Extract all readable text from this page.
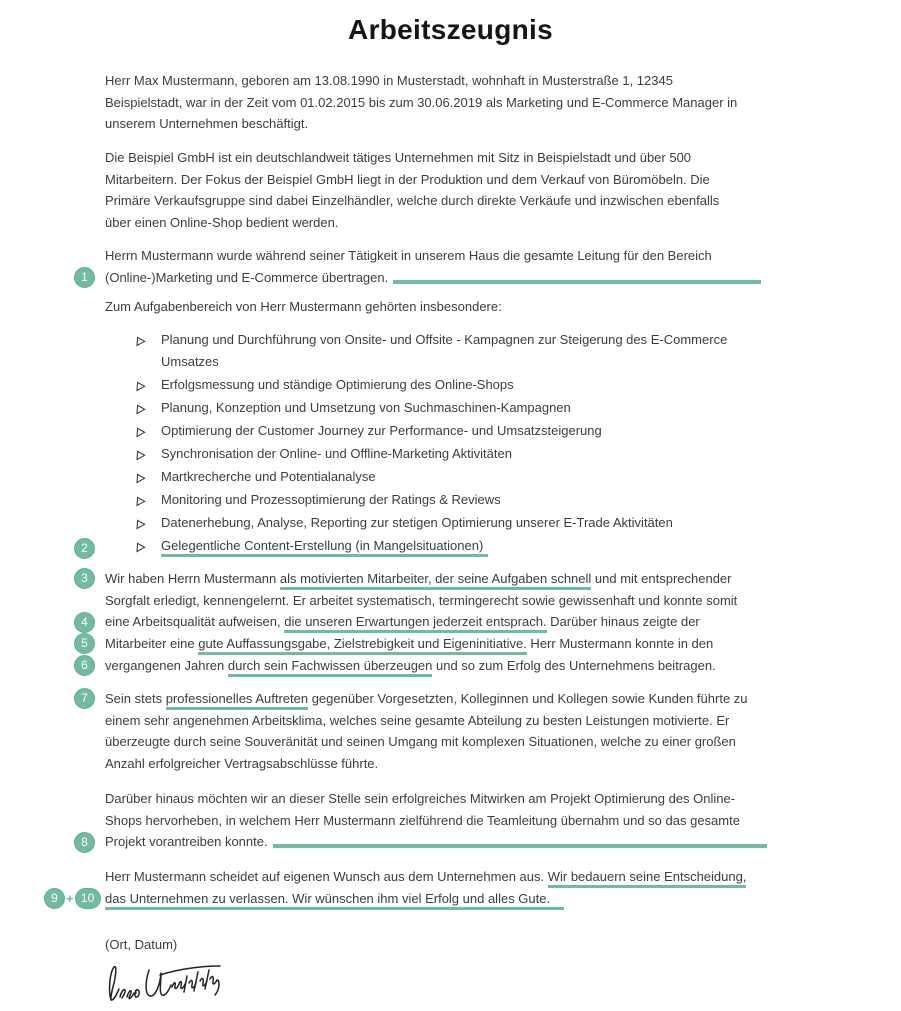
Arbeitszeugnis
Herr Max Mustermann, geboren am 13.08.1990 in Musterstadt, wohnhaft in Musterstraße 1, 12345
Beispielstadt, war in der Zeit vom 01.02.2015 bis zum 30.06.2019 als Marketing und E-Commerce Manager in
unserem Unternehmen beschäftigt.
Die Beispiel GmbH ist ein deutschlandweit tätiges Unternehmen mit Sitz in Beispielstadt und über 500
Mitarbeitern. Der Fokus der Beispiel GmbH liegt in der Produktion und dem Verkauf von Büromöbeln. Die
Primäre Verkaufsgruppe sind dabei Einzelhändler, welche durch direkte Verkäufe und inzwischen ebenfalls
über einen Online-Shop bedient werden.
Herrn Mustermann wurde während seiner Tätigkeit in unserem Haus die gesamte Leitung für den Bereich
(Online-)Marketing und E-Commerce übertragen.
Zum Aufgabenbereich von Herr Mustermann gehörten insbesondere:
Planung und Durchführung von Onsite- und Offsite - Kampagnen zur Steigerung des E-Commerce
Umsatzes
Erfolgsmessung und ständige Optimierung des Online-Shops
Planung, Konzeption und Umsetzung von Suchmaschinen-Kampagnen
Optimierung der Customer Journey zur Performance- und Umsatzsteigerung
Synchronisation der Online- und Offline-Marketing Aktivitäten
Martkrecherche und Potentialanalyse
Monitoring und Prozessoptimierung der Ratings & Reviews
Datenerhebung, Analyse, Reporting zur stetigen Optimierung unserer E-Trade Aktivitäten
Gelegentliche Content-Erstellung (in Mangelsituationen)
Wir haben Herrn Mustermann als motivierten Mitarbeiter, der seine Aufgaben schnell und mit entsprechender
Sorgfalt erledigt, kennengelernt. Er arbeitet systematisch, termingerecht sowie gewissenhaft und konnte somit
eine Arbeitsqualität aufweisen, die unseren Erwartungen jederzeit entsprach. Darüber hinaus zeigte der
Mitarbeiter eine gute Auffassungsgabe, Zielstrebigkeit und Eigeninitiative. Herr Mustermann konnte in den
vergangenen Jahren durch sein Fachwissen überzeugen und so zum Erfolg des Unternehmens beitragen.
Sein stets professionelles Auftreten gegenüber Vorgesetzten, Kolleginnen und Kollegen sowie Kunden führte zu
einem sehr angenehmen Arbeitsklima, welches seine gesamte Abteilung zu besten Leistungen motivierte. Er
überzeugte durch seine Souveränität und seinen Umgang mit komplexen Situationen, welche zu einer großen
Anzahl erfolgreicher Vertragsabschlüsse führte.
Darüber hinaus möchten wir an dieser Stelle sein erfolgreiches Mitwirken am Projekt Optimierung des Online-
Shops hervorheben, in welchem Herr Mustermann zielführend die Teamleitung übernahm und so das gesamte
Projekt vorantreiben konnte.
Herr Mustermann scheidet auf eigenen Wunsch aus dem Unternehmen aus. Wir bedauern seine Entscheidung,
das Unternehmen zu verlassen. Wir wünschen ihm viel Erfolg und alles Gute.
1
2
3
4
5
6
7
8
9 + 10
(Ort, Datum)
